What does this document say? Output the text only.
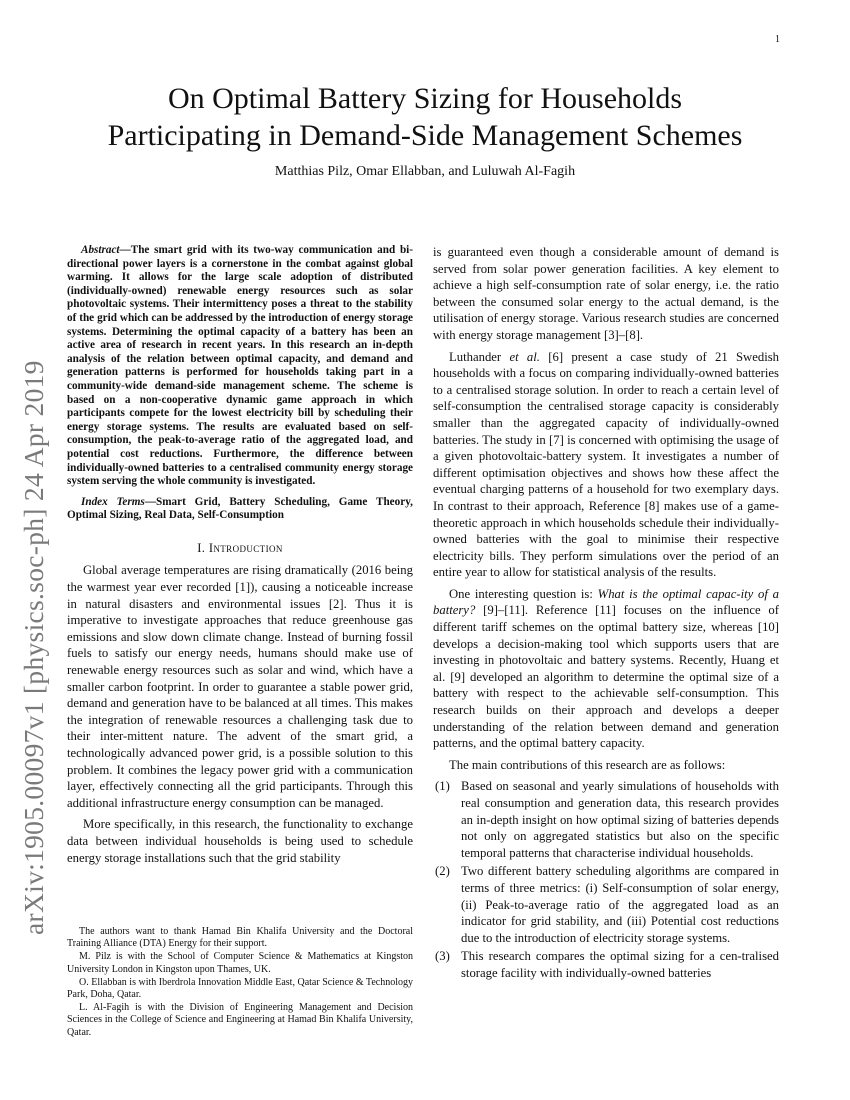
1
arXiv:1905.00097v1 [physics.soc-ph] 24 Apr 2019
On Optimal Battery Sizing for Households
Participating in Demand-Side Management Schemes
Matthias Pilz, Omar Ellabban, and Luluwah Al-Fagih

Abstract—The smart grid with its two-way communication and bi-directional power layers is a cornerstone in the combat against global warming. It allows for the large scale adoption of distributed (individually-owned) renewable energy resources such as solar photovoltaic systems. Their intermittency poses a threat to the stability of the grid which can be addressed by the introduction of energy storage systems. Determining the optimal capacity of a battery has been an active area of research in recent years. In this research an in-depth analysis of the relation between optimal capacity, and demand and generation patterns is performed for households taking part in a community-wide demand-side management scheme. The scheme is based on a non-cooperative dynamic game approach in which participants compete for the lowest electricity bill by scheduling their energy storage systems. The results are evaluated based on self-consumption, the peak-to-average ratio of the aggregated load, and potential cost reductions. Furthermore, the difference between individually-owned batteries to a centralised community energy storage system serving the whole community is investigated.

Index Terms—Smart Grid, Battery Scheduling, Game Theory, Optimal Sizing, Real Data, Self-Consumption

I. Introduction

Global average temperatures are rising dramatically (2016 being the warmest year ever recorded [1]), causing a noticeable increase in natural disasters and environmental issues [2]. Thus it is imperative to investigate approaches that reduce greenhouse gas emissions and slow down climate change. Instead of burning fossil fuels to satisfy our energy needs, humans should make use of renewable energy resources such as solar and wind, which have a smaller carbon footprint. In order to guarantee a stable power grid, demand and generation have to be balanced at all times. This makes the integration of renewable resources a challenging task due to their inter-mittent nature. The advent of the smart grid, a technologically advanced power grid, is a possible solution to this problem. It combines the legacy power grid with a communication layer, effectively connecting all the grid participants. Through this additional infrastructure energy consumption can be managed.

More specifically, in this research, the functionality to exchange data between individual households is being used to schedule energy storage installations such that the grid stability

The authors want to thank Hamad Bin Khalifa University and the Doctoral Training Alliance (DTA) Energy for their support.

M. Pilz is with the School of Computer Science & Mathematics at Kingston University London in Kingston upon Thames, UK.

O. Ellabban is with Iberdrola Innovation Middle East, Qatar Science & Technology Park, Doha, Qatar.

L. Al-Fagih is with the Division of Engineering Management and Decision Sciences in the College of Science and Engineering at Hamad Bin Khalifa University, Qatar.

is guaranteed even though a considerable amount of demand is served from solar power generation facilities. A key element to achieve a high self-consumption rate of solar energy, i.e. the ratio between the consumed solar energy to the actual demand, is the utilisation of energy storage. Various research studies are concerned with energy storage management [3]–[8].

Luthander et al. [6] present a case study of 21 Swedish households with a focus on comparing individually-owned batteries to a centralised storage solution. In order to reach a certain level of self-consumption the centralised storage capacity is considerably smaller than the aggregated capacity of individually-owned batteries. The study in [7] is concerned with optimising the usage of a given photovoltaic-battery system. It investigates a number of different optimisation objectives and shows how these affect the eventual charging patterns of a household for two exemplary days. In contrast to their approach, Reference [8] makes use of a game-theoretic approach in which households schedule their individually-owned batteries with the goal to minimise their respective electricity bills. They perform simulations over the period of an entire year to allow for statistical analysis of the results.

One interesting question is: What is the optimal capac-ity of a battery? [9]–[11]. Reference [11] focuses on the influence of different tariff schemes on the optimal battery size, whereas [10] develops a decision-making tool which supports users that are investing in photovoltaic and battery systems. Recently, Huang et al. [9] developed an algorithm to determine the optimal size of a battery with respect to the achievable self-consumption. This research builds on their approach and develops a deeper understanding of the relation between demand and generation patterns, and the optimal battery capacity.

The main contributions of this research are as follows:

(1) Based on seasonal and yearly simulations of households with real consumption and generation data, this research provides an in-depth insight on how optimal sizing of batteries depends not only on aggregated statistics but also on the specific temporal patterns that characterise individual households.
(2) Two different battery scheduling algorithms are compared in terms of three metrics: (i) Self-consumption of solar energy, (ii) Peak-to-average ratio of the aggregated load as an indicator for grid stability, and (iii) Potential cost reductions due to the introduction of electricity storage systems.
(3) This research compares the optimal sizing for a cen-tralised storage facility with individually-owned batteries
